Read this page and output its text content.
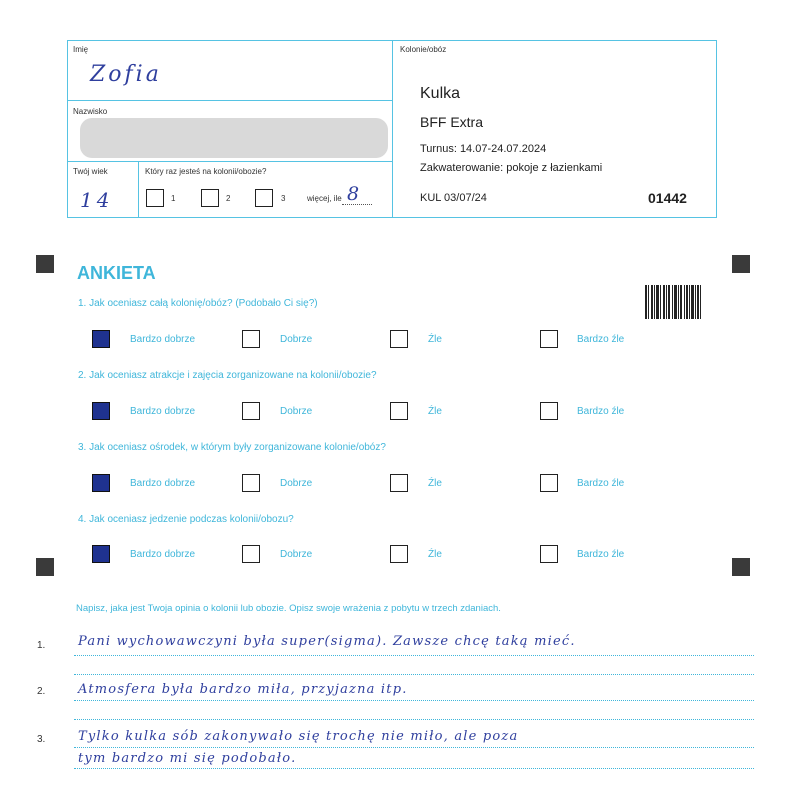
Imię
Zofia
Nazwisko
Twój wiek
14
Który raz jesteś na kolonii/obozie?
1	2	3	więcej, ile 8
Kolonie/obóz
Kulka
BFF Extra
Turnus: 14.07-24.07.2024
Zakwaterowanie: pokoje z łazienkami
KUL 03/07/24	01442
ANKIETA
1. Jak oceniasz całą kolonię/obóz? (Podobało Ci się?)
Bardzo dobrze	Dobrze	Źle	Bardzo źle
2. Jak oceniasz atrakcje i zajęcia zorganizowane na kolonii/obozie?
Bardzo dobrze	Dobrze	Źle	Bardzo źle
3. Jak oceniasz ośrodek, w którym były zorganizowane kolonie/obóz?
Bardzo dobrze	Dobrze	Źle	Bardzo źle
4. Jak oceniasz jedzenie podczas kolonii/obozu?
Bardzo dobrze	Dobrze	Źle	Bardzo źle
Napisz, jaka jest Twoja opinia o kolonii lub obozie. Opisz swoje wrażenia z pobytu w trzech zdaniach.
1.	Pani wychowawczyni była super(sigma). Zawsze chcę taką mieć.
2.	Atmosfera była bardzo miła, przyjazna itp.
3.	Tylko kulka sób zakonywało się trochę nie miło, ale poza
tym bardzo mi się podobało.
